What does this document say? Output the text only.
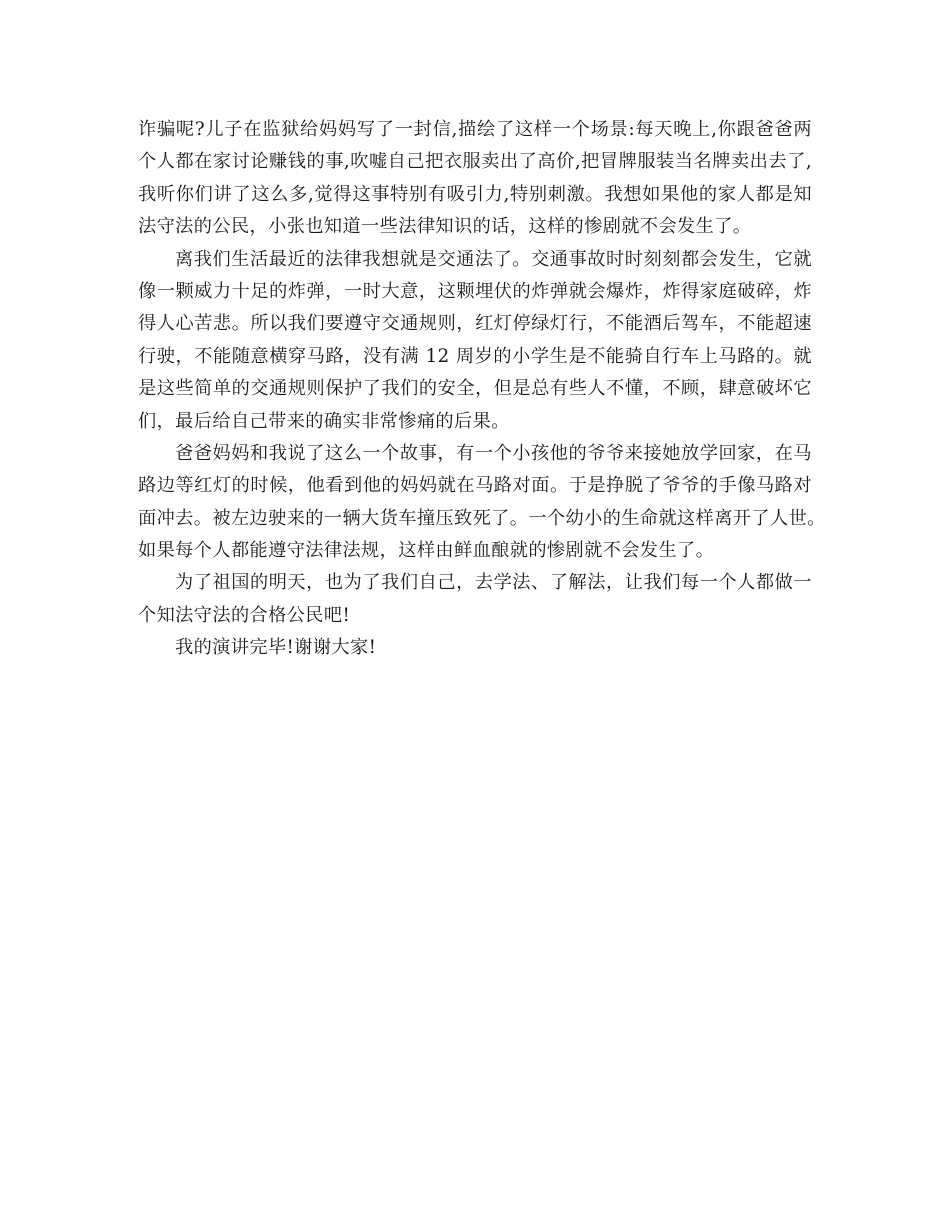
诈骗呢?儿子在监狱给妈妈写了一封信,描绘了这样一个场景:每天晚上,你跟爸爸两
个人都在家讨论赚钱的事,吹嘘自己把衣服卖出了高价,把冒牌服装当名牌卖出去了,
我听你们讲了这么多,觉得这事特别有吸引力,特别刺激。我想如果他的家人都是知
法守法的公民，小张也知道一些法律知识的话，这样的惨剧就不会发生了。
离我们生活最近的法律我想就是交通法了。交通事故时时刻刻都会发生，它就
像一颗威力十足的炸弹，一时大意，这颗埋伏的炸弹就会爆炸，炸得家庭破碎，炸
得人心苦悲。所以我们要遵守交通规则，红灯停绿灯行，不能酒后驾车，不能超速
行驶，不能随意横穿马路，没有满 12 周岁的小学生是不能骑自行车上马路的。就
是这些简单的交通规则保护了我们的安全，但是总有些人不懂，不顾，肆意破坏它
们，最后给自己带来的确实非常惨痛的后果。
爸爸妈妈和我说了这么一个故事，有一个小孩他的爷爷来接她放学回家，在马
路边等红灯的时候，他看到他的妈妈就在马路对面。于是挣脱了爷爷的手像马路对
面冲去。被左边驶来的一辆大货车撞压致死了。一个幼小的生命就这样离开了人世。
如果每个人都能遵守法律法规，这样由鲜血酿就的惨剧就不会发生了。
为了祖国的明天，也为了我们自己，去学法、了解法，让我们每一个人都做一
个知法守法的合格公民吧!
我的演讲完毕!谢谢大家!
